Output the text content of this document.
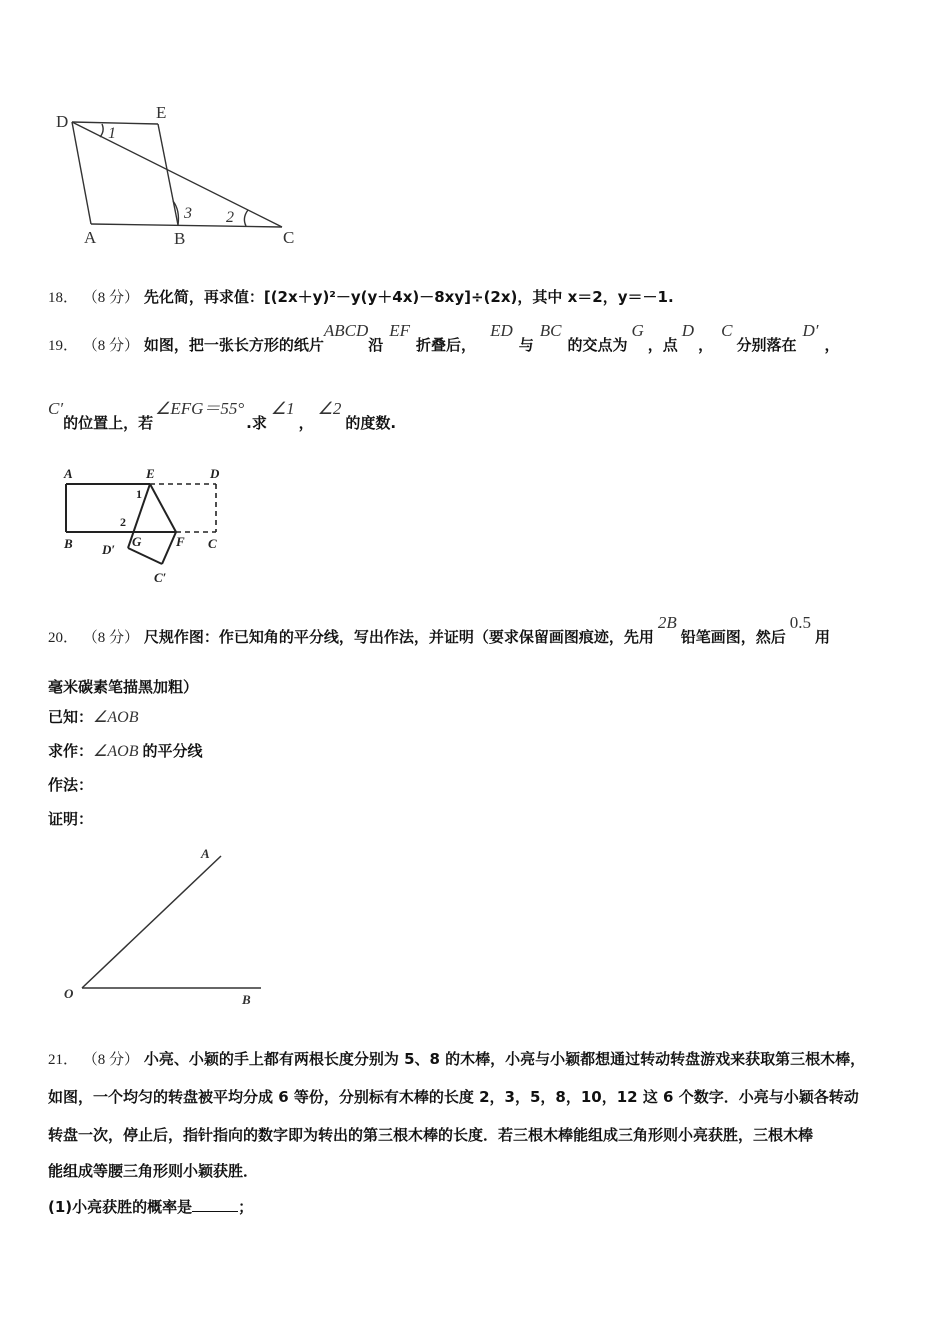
D	E
A	B	C
1
2
3
18． （8 分） 先化简，再求值：[(2x＋y)²－y(y＋4x)－8xy]÷(2x)，其中 x＝2，y＝－1.
19． （8 分） 如图，把一张长方形的纸片ABCD沿EF折叠后，ED与BC的交点为G，点D，C分别落在D′，
C′的位置上，若∠EFG＝55°.求∠1，∠2的度数.
A	E	D
B D′
G	F C
C′
1
2
20． （8 分） 尺规作图：作已知角的平分线，写出作法，并证明（要求保留画图痕迹，先用2B铅笔画图，然后0.5用
毫米碳素笔描黑加粗）
已知：∠AOB
求作：∠AOB 的平分线
作法：
证明：
A
O	B
21． （8 分） 小亮、小颖的手上都有两根长度分别为 5、8 的木棒，小亮与小颖都想通过转动转盘游戏来获取第三根木棒，
如图，一个均匀的转盘被平均分成 6 等份，分别标有木棒的长度 2，3，5，8，10，12 这 6 个数字．小亮与小颖各转动
转盘一次，停止后，指针指向的数字即为转出的第三根木棒的长度．若三根木棒能组成三角形则小亮获胜，三根木棒
能组成等腰三角形则小颖获胜．
(1)小亮获胜的概率是	；
